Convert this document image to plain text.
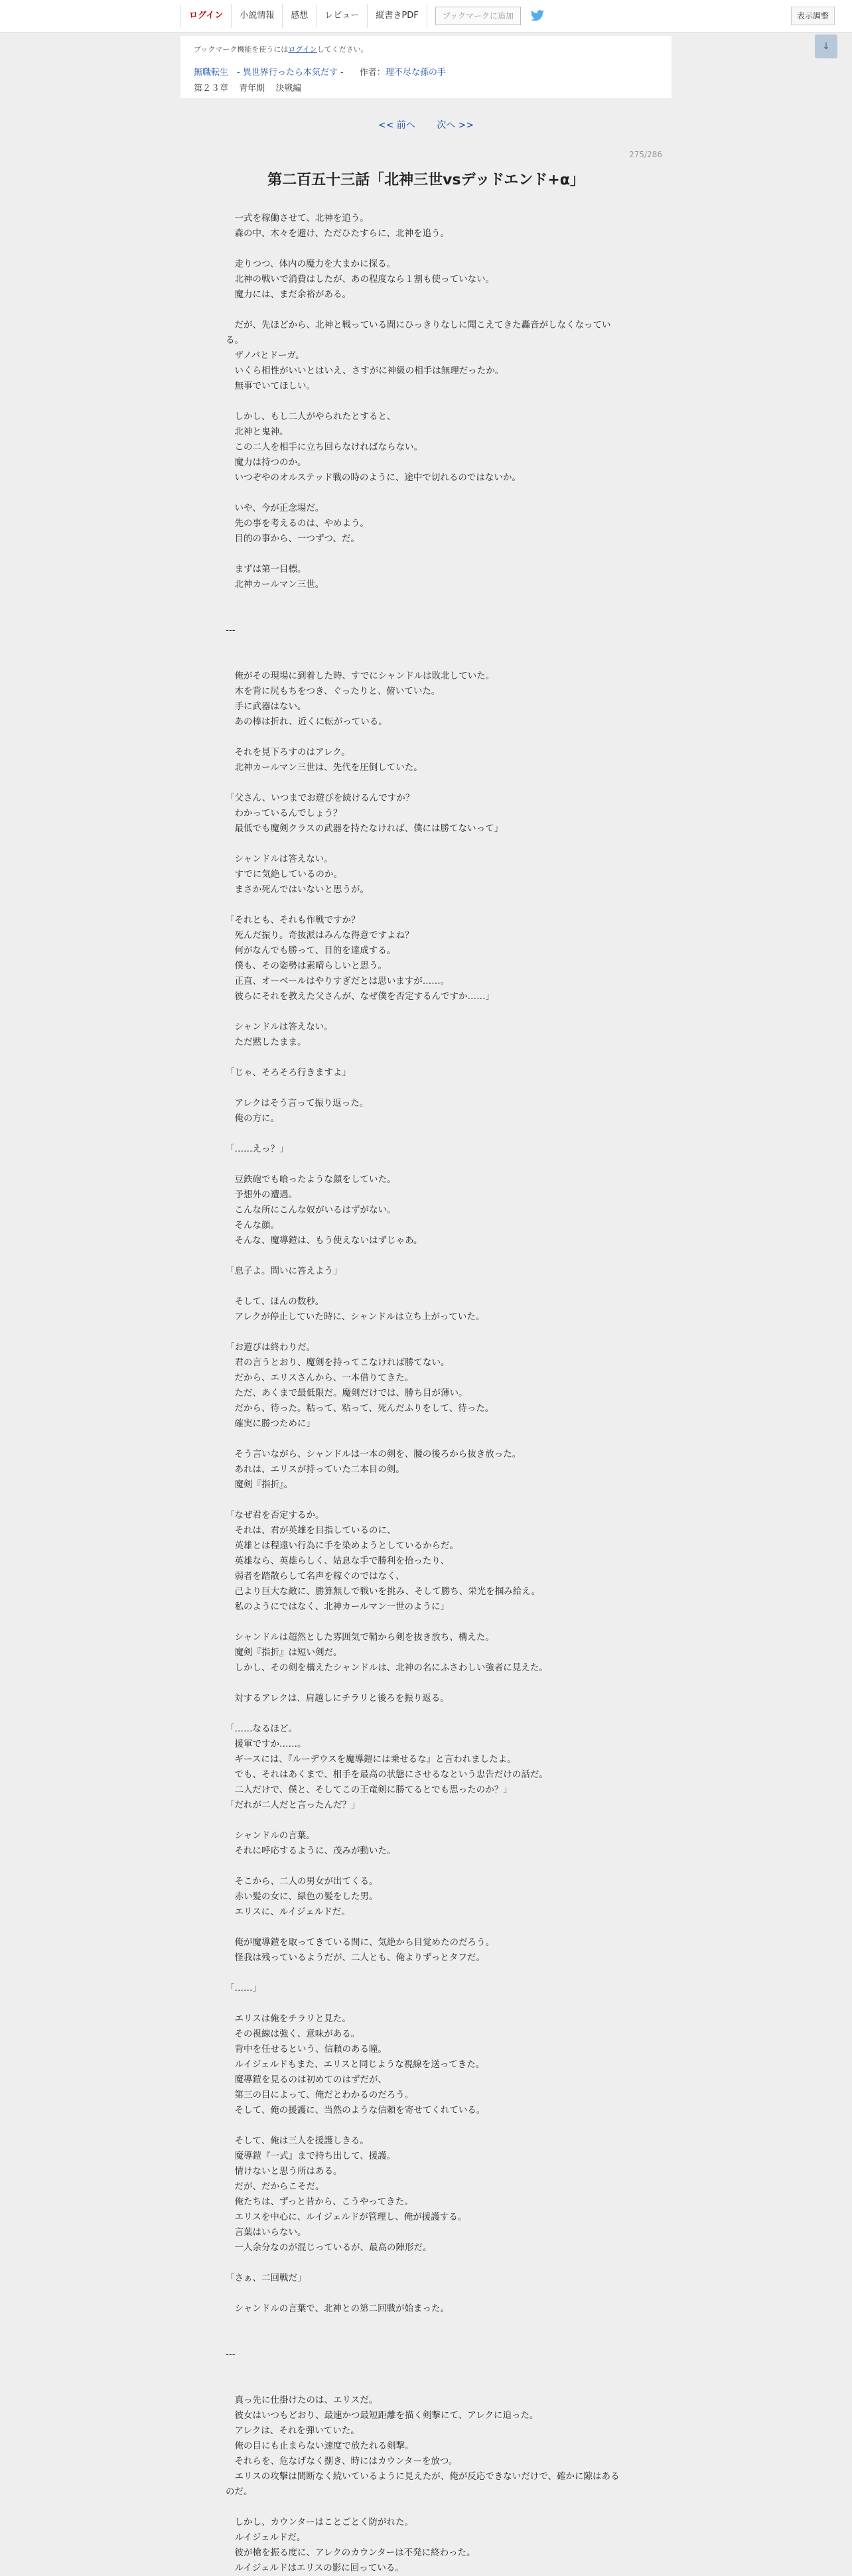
ログイン	小説情報	感想	レビュー	縦書きPDF	ブックマークに追加	表示調整
↓
ブックマーク機能を使うにはログインしてください。
無職転生　- 異世界行ったら本気だす - 作者：理不尽な孫の手
第２３章 青年期 決戦編
<< 前へ 次へ >>
275/286
第二百五十三話「北神三世vsデッドエンド+α」
　一式を稼働させて、北神を追う。
　森の中、木々を避け、ただひたすらに、北神を追う。
　走りつつ、体内の魔力を大まかに探る。
　北神の戦いで消費はしたが、あの程度なら１割も使っていない。
　魔力には、まだ余裕がある。
　だが、先ほどから、北神と戦っている間にひっきりなしに聞こえてきた轟音がしなくなっている。
　ザノバとドーガ。
　いくら相性がいいとはいえ、さすがに神級の相手は無理だったか。
　無事でいてほしい。
　しかし、もし二人がやられたとすると、
　北神と鬼神。
　この二人を相手に立ち回らなければならない。
　魔力は持つのか。
　いつぞやのオルステッド戦の時のように、途中で切れるのではないか。
　いや、今が正念場だ。
　先の事を考えるのは、やめよう。
　目的の事から、一つずつ、だ。
　まずは第一目標。
　北神カールマン三世。
---
　俺がその現場に到着した時、すでにシャンドルは敗北していた。
　木を背に尻もちをつき、ぐったりと、俯いていた。
　手に武器はない。
　あの棒は折れ、近くに転がっている。
　それを見下ろすのはアレク。
　北神カールマン三世は、先代を圧倒していた。
「父さん、いつまでお遊びを続けるんですか？
　わかっているんでしょう？
　最低でも魔剣クラスの武器を持たなければ、僕には勝てないって」
　シャンドルは答えない。
　すでに気絶しているのか。
　まさか死んではいないと思うが。
「それとも、それも作戦ですか？
　死んだ振り。奇抜派はみんな得意ですよね？
　何がなんでも勝って、目的を達成する。
　僕も、その姿勢は素晴らしいと思う。
　正直、オーベールはやりすぎだとは思いますが……。
　彼らにそれを教えた父さんが、なぜ僕を否定するんですか……」
　シャンドルは答えない。
　ただ黙したまま。
「じゃ、そろそろ行きますよ」
　アレクはそう言って振り返った。
　俺の方に。
「……えっ？」
　豆鉄砲でも喰ったような顔をしていた。
　予想外の遭遇。
　こんな所にこんな奴がいるはずがない。
　そんな顔。
　そんな、魔導鎧は、もう使えないはずじゃあ。
「息子よ。問いに答えよう」
　そして、ほんの数秒。
　アレクが停止していた時に、シャンドルは立ち上がっていた。
「お遊びは終わりだ。
　君の言うとおり、魔剣を持ってこなければ勝てない。
　だから、エリスさんから、一本借りてきた。
　ただ、あくまで最低限だ。魔剣だけでは、勝ち目が薄い。
　だから、待った。粘って、粘って、死んだふりをして、待った。
　確実に勝つために」
　そう言いながら、シャンドルは一本の剣を、腰の後ろから抜き放った。
　あれは、エリスが持っていた二本目の剣。
　魔剣『指折』。
「なぜ君を否定するか。
　それは、君が英雄を目指しているのに、
　英雄とは程遠い行為に手を染めようとしているからだ。
　英雄なら、英雄らしく、姑息な手で勝利を拾ったり、
　弱者を踏散らして名声を稼ぐのではなく、
　己より巨大な敵に、勝算無しで戦いを挑み、そして勝ち、栄光を掴み給え。
　私のようにではなく、北神カールマン一世のように」
　シャンドルは超然とした雰囲気で鞘から剣を抜き放ち、構えた。
　魔剣『指折』は短い剣だ。
　しかし、その剣を構えたシャンドルは、北神の名にふさわしい強者に見えた。
　対するアレクは、肩越しにチラリと後ろを振り返る。
「……なるほど。
　援軍ですか……。
　ギースには、『ルーデウスを魔導鎧には乗せるな』と言われましたよ。
　でも、それはあくまで、相手を最高の状態にさせるなという忠告だけの話だ。
　二人だけで、僕と、そしてこの王竜剣に勝てるとでも思ったのか？」
「だれが二人だと言ったんだ？」
　シャンドルの言葉。
　それに呼応するように、茂みが動いた。
　そこから、二人の男女が出てくる。
　赤い髪の女に、緑色の髪をした男。
　エリスに、ルイジェルドだ。
　俺が魔導鎧を取ってきている間に、気絶から目覚めたのだろう。
　怪我は残っているようだが、二人とも、俺よりずっとタフだ。
「……」
　エリスは俺をチラリと見た。
　その視線は強く、意味がある。
　背中を任せるという、信頼のある瞳。
　ルイジェルドもまた、エリスと同じような視線を送ってきた。
　魔導鎧を見るのは初めてのはずだが、
　第三の目によって、俺だとわかるのだろう。
　そして、俺の援護に、当然のような信頼を寄せてくれている。
　そして、俺は三人を援護しきる。
　魔導鎧『一式』まで持ち出して、援護。
　情けないと思う所はある。
　だが、だからこそだ。
　俺たちは、ずっと昔から、こうやってきた。
　エリスを中心に、ルイジェルドが管理し、俺が援護する。
　言葉はいらない。
　一人余分なのが混じっているが、最高の陣形だ。
「さぁ、二回戦だ」
　シャンドルの言葉で、北神との第二回戦が始まった。
---
　真っ先に仕掛けたのは、エリスだ。
　彼女はいつもどおり、最速かつ最短距離を描く剣撃にて、アレクに迫った。
　アレクは、それを弾いていた。
　俺の目にも止まらない速度で放たれる剣撃。
　それらを、危なげなく捌き、時にはカウンターを放つ。
　エリスの攻撃は間断なく続いているように見えたが、俺が反応できないだけで、確かに隙はあるのだ。
　しかし、カウンターはことごとく防がれた。
　ルイジェルドだ。
　彼が槍を振る度に、アレクのカウンターは不発に終わった。
　ルイジェルドはエリスの影に回っている。
